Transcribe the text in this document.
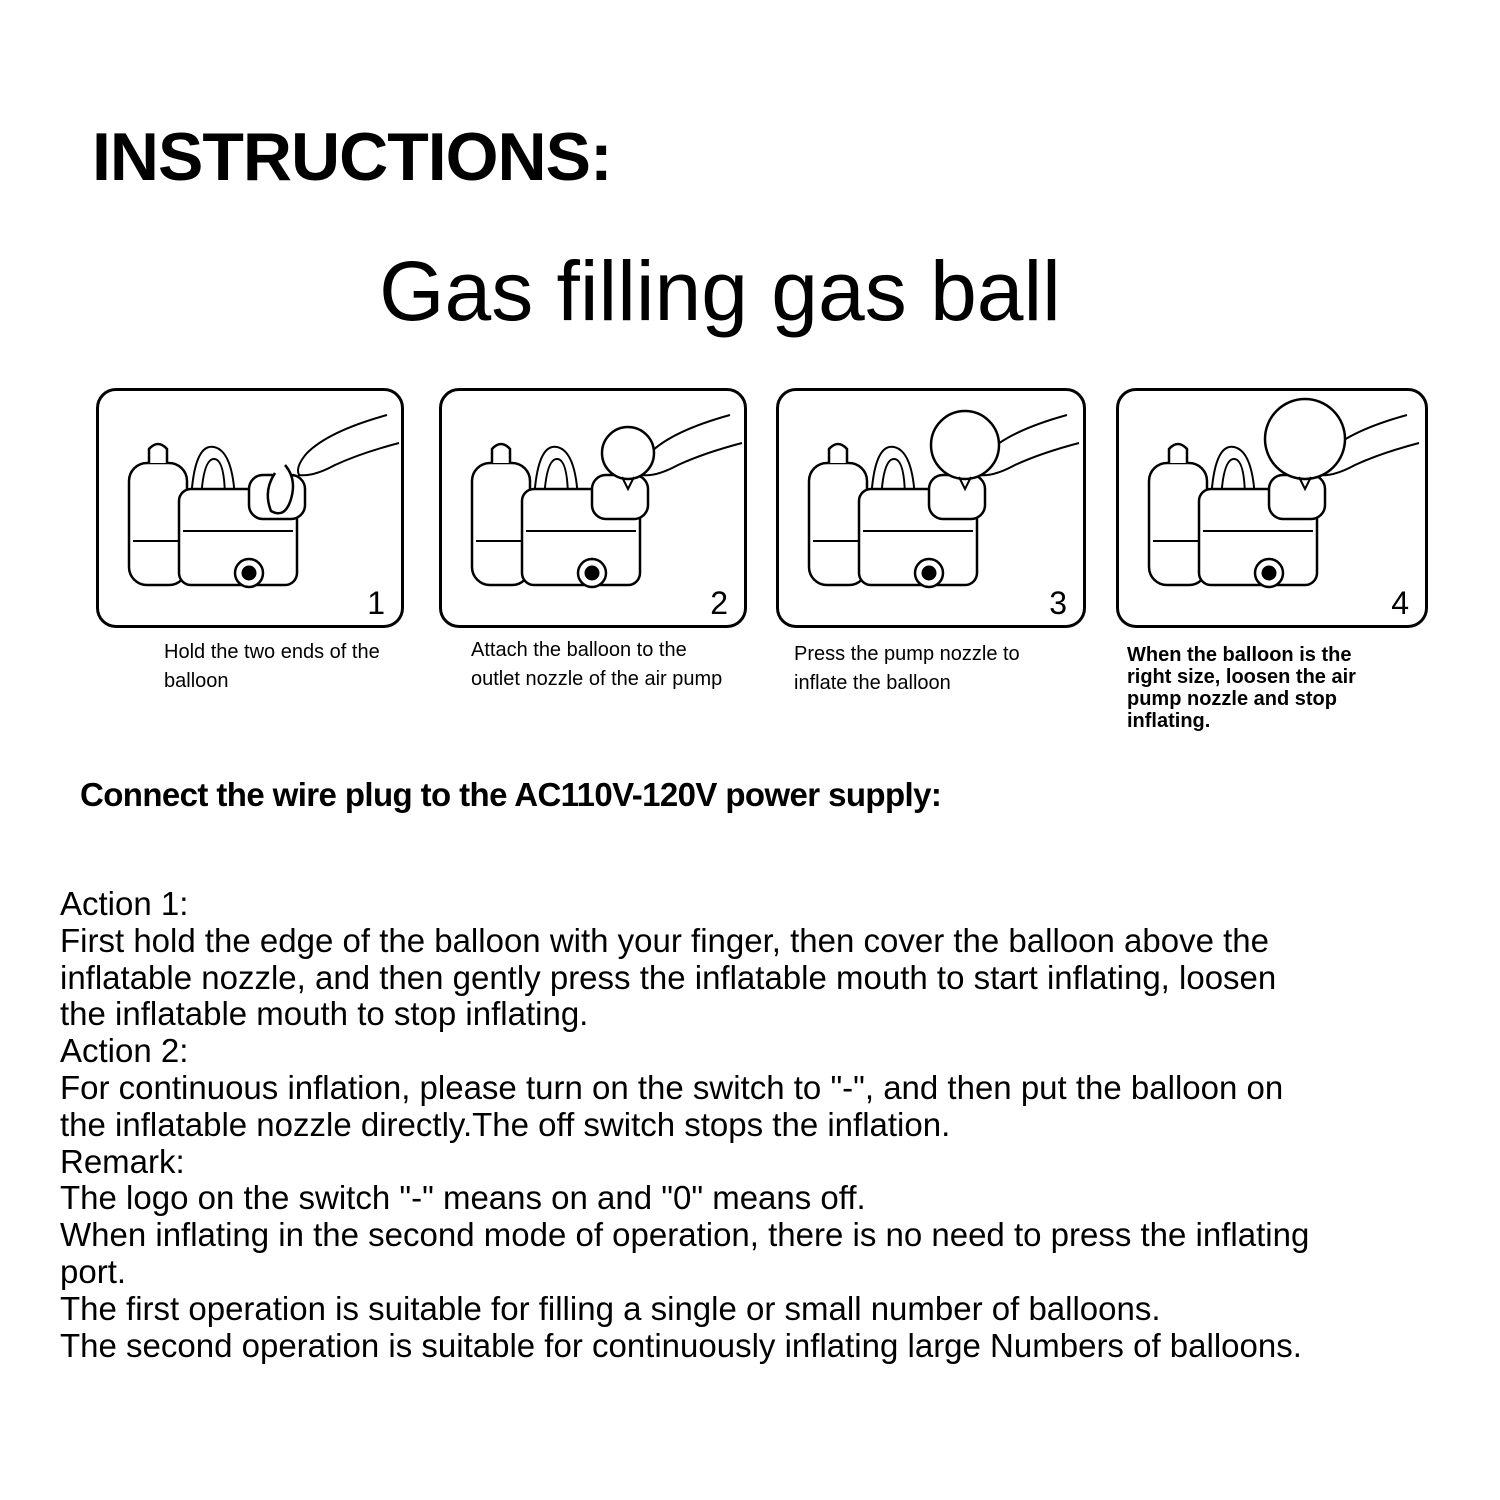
INSTRUCTIONS:
Gas filling gas ball
1	2	3	4
Hold the two ends of the
balloon
Attach the balloon to the
outlet nozzle of the air pump
Press the pump nozzle to
inflate the balloon
When the balloon is the
right size, loosen the air
pump nozzle and stop
inflating.
Connect the wire plug to the AC110V-120V power supply:
Action 1:
First hold the edge of the balloon with your finger, then cover the balloon above the
inflatable nozzle, and then gently press the inflatable mouth to start inflating, loosen
the inflatable mouth to stop inflating.
Action 2:
For continuous inflation, please turn on the switch to "-", and then put the balloon on
the inflatable nozzle directly.The off switch stops the inflation.
Remark:
The logo on the switch "-" means on and "0" means off.
When inflating in the second mode of operation, there is no need to press the inflating
port.
The first operation is suitable for filling a single or small number of balloons.
The second operation is suitable for continuously inflating large Numbers of balloons.
